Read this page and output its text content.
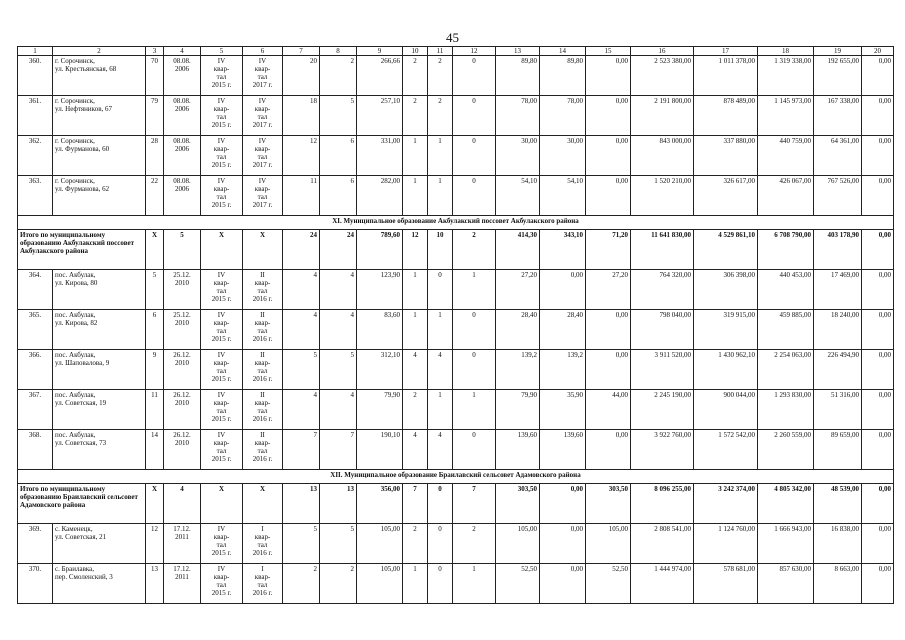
45
1	2	3	4	5	6	7	8	9	10	11	12	13	14	15	16	17	18	19	20
360.	г. Сорочинск,
ул. Крестьянская, 68	70	08.08.
2006	IV
квар-
тал
2015 г.	IV
квар-
тал
2017 г.	20	2	266,66	2	2	0	89,80	89,80	0,00	2 523 380,00	1 011 378,00	1 319 338,00	192 655,00	0,00
361.	г. Сорочинск,
ул. Нефтяников, 67	79	08.08.
2006	IV
квар-
тал
2015 г.	IV
квар-
тал
2017 г.	18	5	257,10	2	2	0	78,00	78,00	0,00	2 191 800,00	878 489,00	1 145 973,00	167 338,00	0,00
362.	г. Сорочинск,
ул. Фурманова, 60	28	08.08.
2006	IV
квар-
тал
2015 г.	IV
квар-
тал
2017 г.	12	6	331,00	1	1	0	30,00	30,00	0,00	843 000,00	337 880,00	440 759,00	64 361,00	0,00
363.	г. Сорочинск,
ул. Фурманова, 62	22	08.08.
2006	IV
квар-
тал
2015 г.	IV
квар-
тал
2017 г.	11	6	282,00	1	1	0	54,10	54,10	0,00	1 520 210,00	326 617,00	426 067,00	767 526,00	0,00
XI. Муниципальное образование Акбулакский поссовет Акбулакского района																			
Итого по муниципальному образованию Акбулакский поссовет Акбулакского района		X	5	X	X	24	24	789,60	12	10	2	414,30	343,10	71,20	11 641 830,00	4 529 861,10	6 708 790,00	403 178,90	0,00
364.	пос. Акбулак,
ул. Кирова, 80	5	25.12.
2010	IV
квар-
тал
2015 г.	II
квар-
тал
2016 г.	4	4	123,90	1	0	1	27,20	0,00	27,20	764 320,00	306 398,00	440 453,00	17 469,00	0,00
365.	пос. Акбулак,
ул. Кирова, 82	6	25.12.
2010	IV
квар-
тал
2015 г.	II
квар-
тал
2016 г.	4	4	83,60	1	1	0	28,40	28,40	0,00	798 040,00	319 915,00	459 885,00	18 240,00	0,00
366.	пос. Акбулак,
ул. Шаповалова, 9	9	26.12.
2010	IV
квар-
тал
2015 г.	II
квар-
тал
2016 г.	5	5	312,10	4	4	0	139,2	139,2	0,00	3 911 520,00	1 430 962,10	2 254 063,00	226 494,90	0,00
367.	пос. Акбулак,
ул. Советская, 19	11	26.12.
2010	IV
квар-
тал
2015 г.	II
квар-
тал
2016 г.	4	4	79,90	2	1	1	79,90	35,90	44,00	2 245 190,00	900 044,00	1 293 830,00	51 316,00	0,00
368.	пос. Акбулак,
ул. Советская, 73	14	26.12.
2010	IV
квар-
тал
2015 г.	II
квар-
тал
2016 г.	7	7	190,10	4	4	0	139,60	139,60	0,00	3 922 760,00	1 572 542,00	2 260 559,00	89 659,00	0,00
XII. Муниципальное образование Браилавский сельсовет Адамовского района																			
Итого по муниципальному образованию Браилавский сельсовет Адамовского района		X	4	X	X	13	13	356,00	7	0	7	303,50	0,00	303,50	8 096 255,00	3 242 374,00	4 805 342,00	48 539,00	0,00
369.	с. Каменецк,
ул. Советская, 21	12	17.12.
2011	IV
квар-
тал
2015 г.	I
квар-
тал
2016 г.	5	5	105,00	2	0	2	105,00	0,00	105,00	2 808 541,00	1 124 760,00	1 666 943,00	16 838,00	0,00
370.	с. Браилавка,
пер. Смоленский, 3	13	17.12.
2011	IV
квар-
тал
2015 г.	I
квар-
тал
2016 г.	2	2	105,00	1	0	1	52,50	0,00	52,50	1 444 974,00	578 681,00	857 630,00	8 663,00	0,00
